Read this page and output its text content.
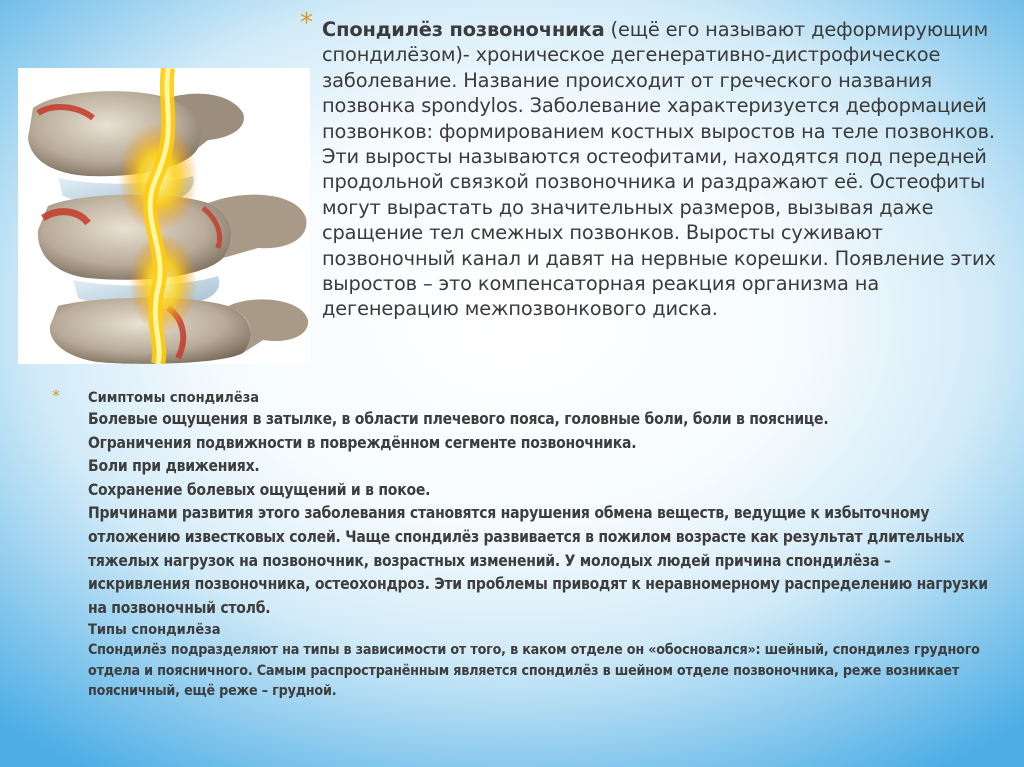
* Спондилёз позвоночника (ещё его называют деформирующим спондилёзом)- хроническое дегенеративно-дистрофическое заболевание. Название происходит от греческого названия позвонка spondylos. Заболевание характеризуется деформацией позвонков: формированием костных выростов на теле позвонков. Эти выросты называются остеофитами, находятся под передней продольной связкой позвоночника и раздражают её. Остеофиты могут вырастать до значительных размеров, вызывая даже сращение тел смежных позвонков. Выросты суживают позвоночный канал и давят на нервные корешки. Появление этих выростов – это компенсаторная реакция организма на дегенерацию межпозвонкового диска.

* Симптомы спондилёза
Болевые ощущения в затылке, в области плечевого пояса, головные боли, боли в пояснице.
Ограничения подвижности в повреждённом сегменте позвоночника.
Боли при движениях.
Сохранение болевых ощущений и в покое.
Причинами развития этого заболевания становятся нарушения обмена веществ, ведущие к избыточному отложению известковых солей. Чаще спондилёз развивается в пожилом возрасте как результат длительных тяжелых нагрузок на позвоночник, возрастных изменений. У молодых людей причина спондилёза – искривления позвоночника, остеохондроз. Эти проблемы приводят к неравномерному распределению нагрузки на позвоночный столб.
Типы спондилёза
Спондилёз подразделяют на типы в зависимости от того, в каком отделе он «обосновался»: шейный, спондилез грудного отдела и поясничного. Самым распространённым является спондилёз в шейном отделе позвоночника, реже возникает поясничный, ещё реже – грудной.
